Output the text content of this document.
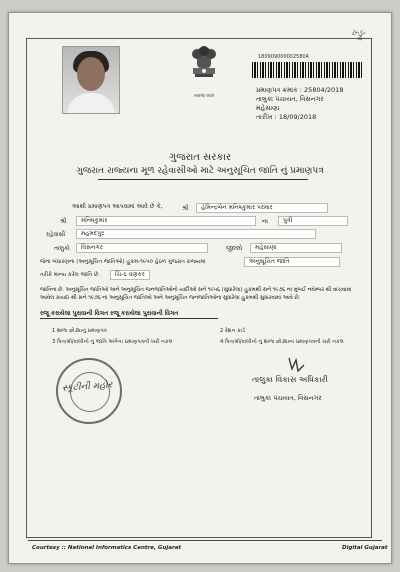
ખ્ડ્રુ-
सत्यमेव जयते
1809090000025804
પ્રમાણપત્ર ક્રમાંક : 25804/2018
તાલુકા પંચાયત, વિસનગર
મહેસાણા
તારીખ : 18/09/2018
ગુજરાત સરકાર
ગુજરાત રાજ્યના મૂળ રહેવાસીઓ માટે અનુસૂચિત જાતિ નું પ્રમાણપત્ર
આથી પ્રમાણપત્ર આપવામાં આવે છે કે,	શ્રી	હેમિન્દ્રબેન મનિષકુમાર પરમાર
શ્રી	મનિષકુમાર	ના	પુત્રી
રહેવાસી	મહમદપુર
તાલુકો	વિસનગર	જીલ્લો	મહેસાણા
જેના બંધારણના (અનુસૂચિત જાતિઓ) હુકમ-૧૯૫૦ હેઠળ ગુજરાત રાજ્યમાં	અનુસૂચિત જાતિ
તરીકે માન્ય કરેલ જાતિ છે.	ચિ-૬ વણકર
જાતિના છે. અનુસૂચિત જાતિઓ અને અનુસૂચિત જનજાતિઓનો યાદીઓ સને ૧૯૫૬ (સુધારેલા) હુકમથી સને ૧૯૭૬ ના મુંબઈ નવેમ્બર થી વાંચવામાં આવેલ કાયદા થી સને ૧૯૭૬ ના અનુસૂચિત જાતિઓ અને અનુસૂચિત જનજાતિઓના સુધારેલા હુકમથી સુધારવામાં આવે છે.
રજૂ કરાયેલા પુરાવાની વિગત રજૂ કરાયેલા પુરાવાની વિગત
1 શાળા છોડ્યાનું પ્રમાણપત્ર	2 રેશન કાર્ડ
3 પિતાશ્રી/વાલીનો નું જાતિ અંગેના પ્રમાણપત્રની ખરી નકલ	4 પિતાશ્રી/વાલીનો નું શાળા છોડ્યાના પ્રમાણપત્રની ખરી નકલ
સ્કૂટીની મહોર
તાલુકા વિકાસ અધિકારી
તાલુકા પંચાયત, વિસનગર
Courtesy :: National Informatics Centre, Gujarat	Digital Gujarat
